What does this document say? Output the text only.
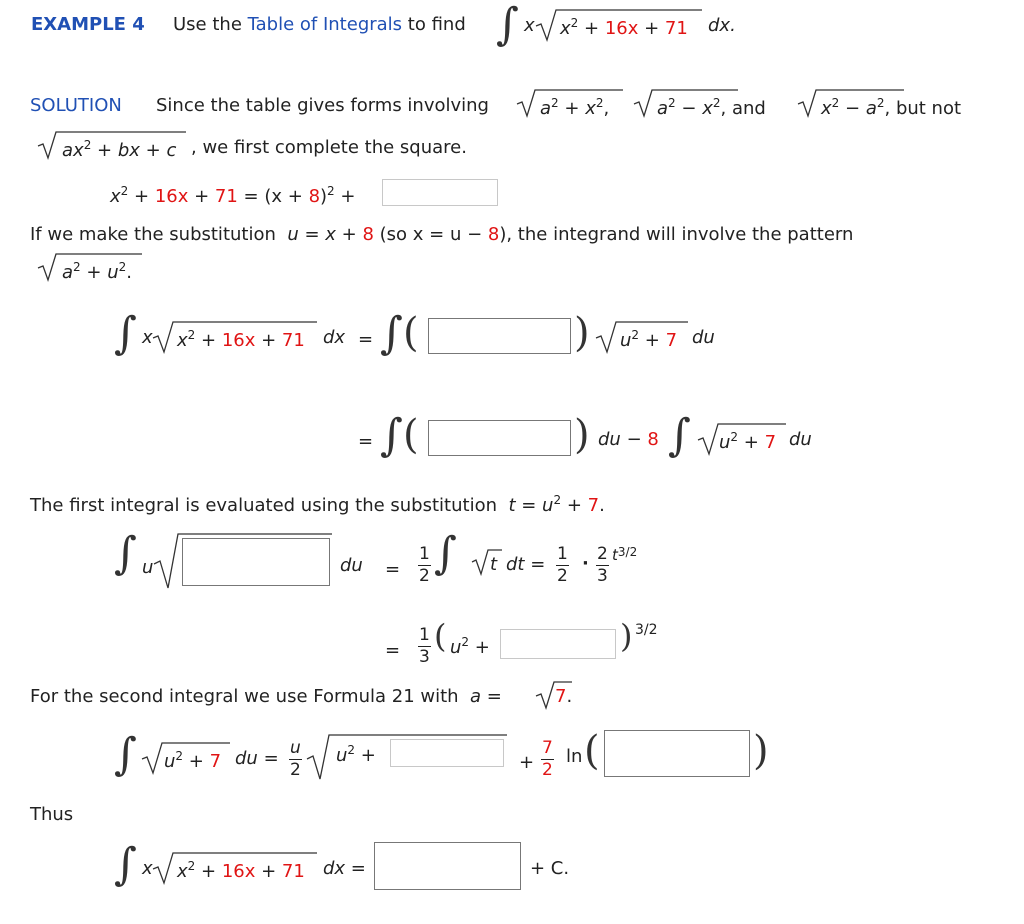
EXAMPLE 4 Use the Table of Integrals to find ∫ x $x^2 + 16x + 71$ dx.
SOLUTION Since the table gives forms involving	$a^2 + x^2$,	$a^2 - x^2$, and	$x^2 - a^2$, but not
$ax^2$ + bx + c , we first complete the square.
$x^2 + 16x + 71 = (x + 8)^2$ +
If we make the substitution u = x + 8 (so x = u − 8), the integrand will involve the pattern
$a^2 + u^2$.
∫ x $x^2 + 16x + 71$ dx = ∫ (	) $u^2 + 7$ du
= ∫ (	) du − 8 ∫ $u^2 + 7$ du
The first integral is evaluated using the substitution $t = u^2 + 7$.
∫ u	du = $\frac{1}{2}$ ∫ t dt = $\frac{1}{2} \cdot \frac{2}{3} t^{3/2}$
= $\frac{1}{3}$ ( $u^2$ +	) 3/2
For the second integral we use Formula 21 with a =	7.
∫ $u^2 + 7$ du = $\frac{u}{2} u^2$ +	+ $\frac{7}{2}$ ln (	)
Thus
∫ x $x^2 + 16x + 71$ dx =	+ C.
